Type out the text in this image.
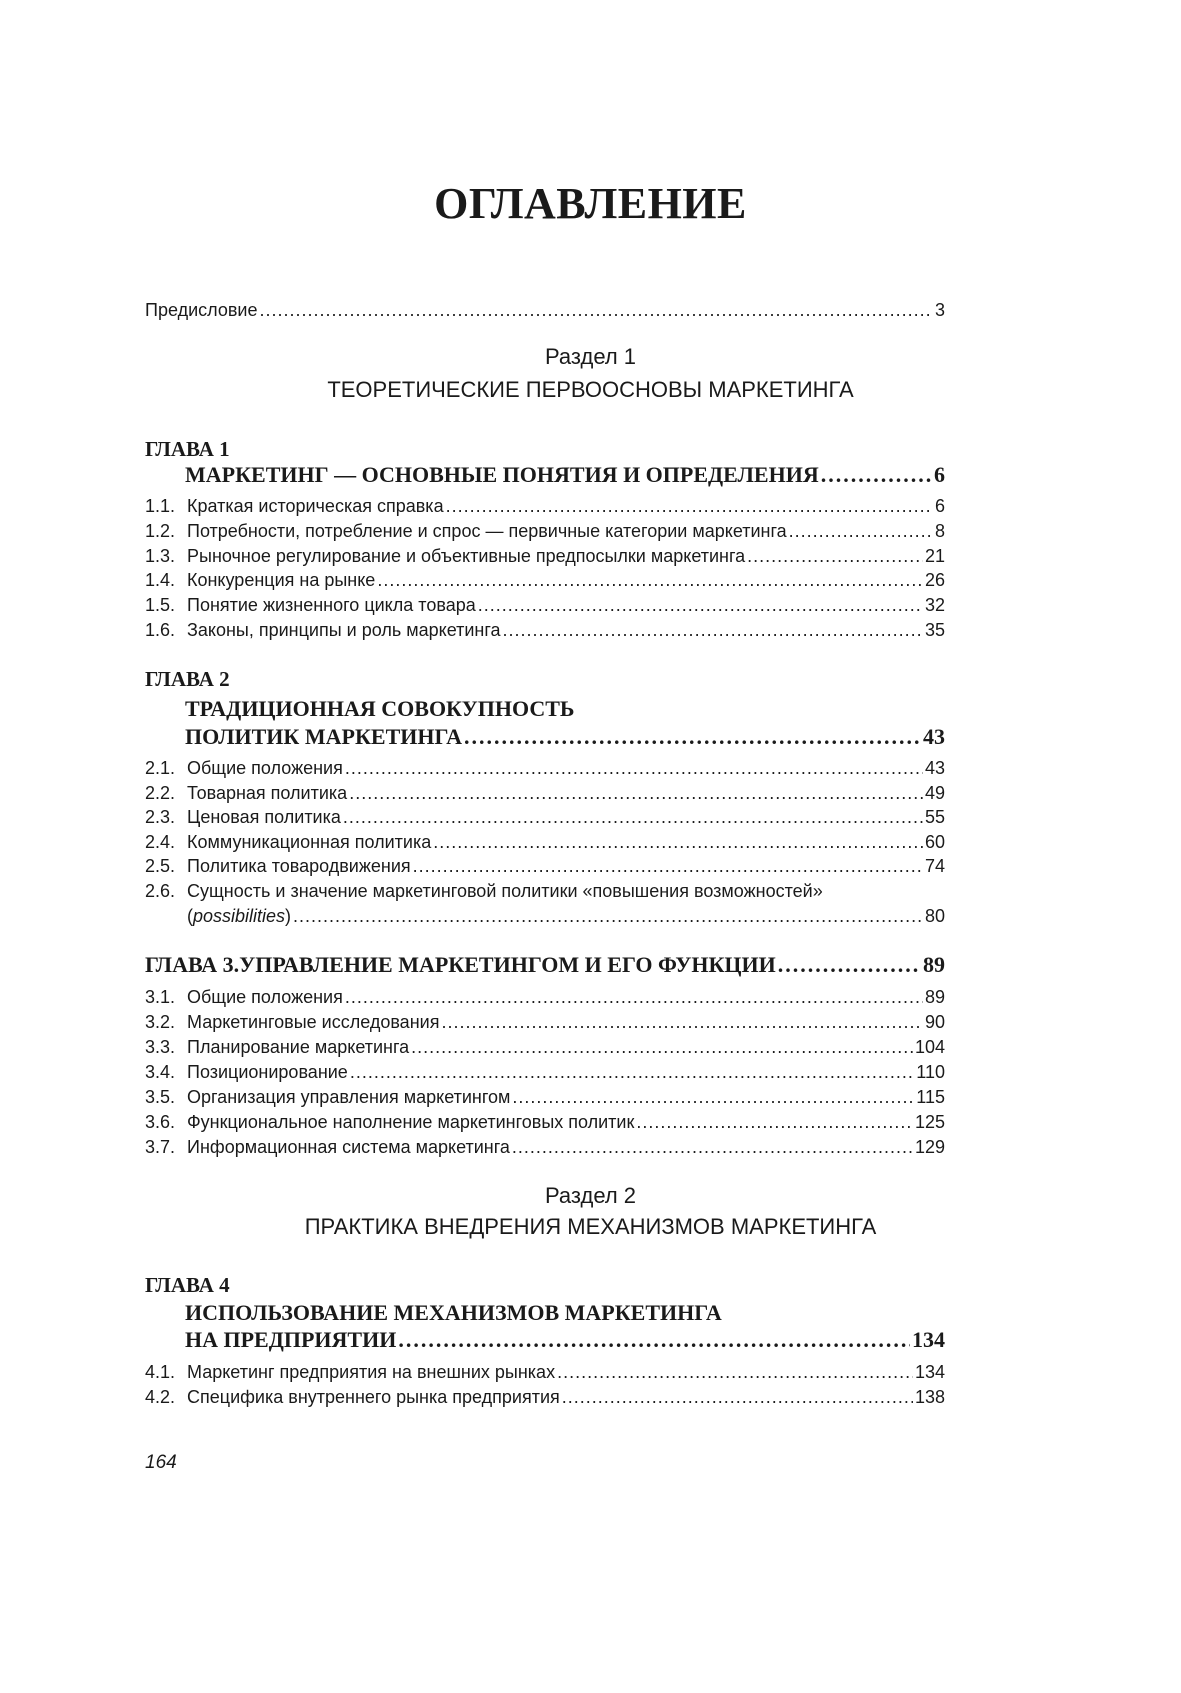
ОГЛАВЛЕНИЕ
Предисловие .....	3
Раздел 1
ТЕОРЕТИЧЕСКИЕ ПЕРВООСНОВЫ МАРКЕТИНГА
ГЛАВА 1
МАРКЕТИНГ — ОСНОВНЫЕ ПОНЯТИЯ И ОПРЕДЕЛЕНИЯ .....	6
1.1. Краткая историческая справка .....	6
1.2. Потребности, потребление и спрос — первичные категории маркетинга .....	8
1.3. Рыночное регулирование и объективные предпосылки маркетинга .....	21
1.4. Конкуренция на рынке .....	26
1.5. Понятие жизненного цикла товара .....	32
1.6. Законы, принципы и роль маркетинга .....	35
ГЛАВА 2
ТРАДИЦИОННАЯ СОВОКУПНОСТЬ
ПОЛИТИК МАРКЕТИНГА .....	43
2.1. Общие положения .....	43
2.2. Товарная политика .....	49
2.3. Ценовая политика .....	55
2.4. Коммуникационная политика .....	60
2.5. Политика товародвижения .....	74
2.6. Сущность и значение маркетинговой политики «повышения возможностей»
(possibilities) .....	80
ГЛАВА 3. УПРАВЛЕНИЕ МАРКЕТИНГОМ И ЕГО ФУНКЦИИ .....	89
3.1. Общие положения .....	89
3.2. Маркетинговые исследования .....	90
3.3. Планирование маркетинга .....	104
3.4. Позиционирование .....	110
3.5. Организация управления маркетингом .....	115
3.6. Функциональное наполнение маркетинговых политик .....	125
3.7. Информационная система маркетинга .....	129
Раздел 2
ПРАКТИКА ВНЕДРЕНИЯ МЕХАНИЗМОВ МАРКЕТИНГА
ГЛАВА 4
ИСПОЛЬЗОВАНИЕ МЕХАНИЗМОВ МАРКЕТИНГА
НА ПРЕДПРИЯТИИ .....	134
4.1. Маркетинг предприятия на внешних рынках .....	134
4.2. Специфика внутреннего рынка предприятия .....	138
164
